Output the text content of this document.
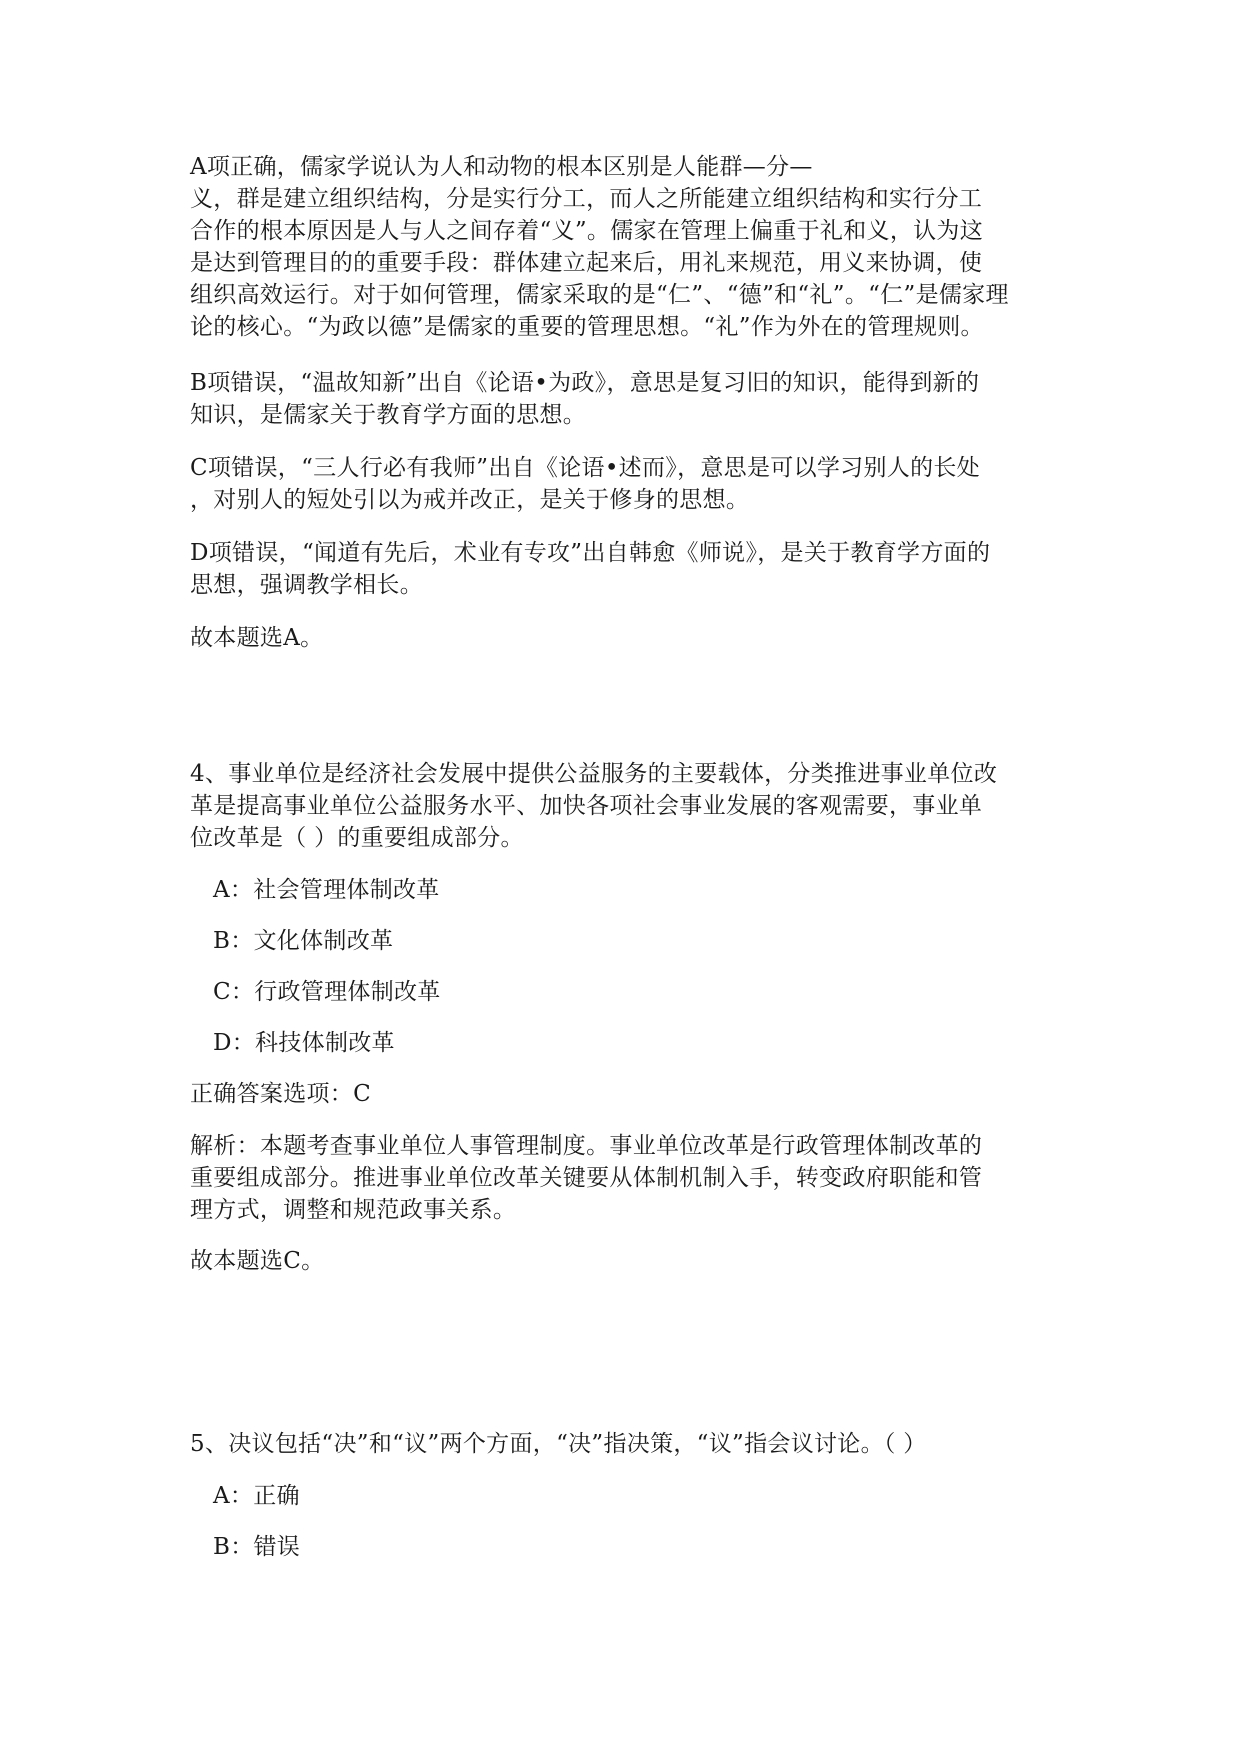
A项正确，儒家学说认为人和动物的根本区别是人能群—分—
义，群是建立组织结构，分是实行分工，而人之所能建立组织结构和实行分工
合作的根本原因是人与人之间存着“义”。儒家在管理上偏重于礼和义，认为这
是达到管理目的的重要手段：群体建立起来后，用礼来规范，用义来协调，使
组织高效运行。对于如何管理，儒家采取的是“仁”、“德”和“礼”。“仁”是儒家理
论的核心。“为政以德”是儒家的重要的管理思想。“礼”作为外在的管理规则。

B项错误，“温故知新”出自《论语•为政》，意思是复习旧的知识，能得到新的
知识，是儒家关于教育学方面的思想。

C项错误，“三人行必有我师”出自《论语•述而》，意思是可以学习别人的长处
，对别人的短处引以为戒并改正，是关于修身的思想。

D项错误，“闻道有先后，术业有专攻”出自韩愈《师说》，是关于教育学方面的
思想，强调教学相长。

故本题选A。

4、事业单位是经济社会发展中提供公益服务的主要载体，分类推进事业单位改
革是提高事业单位公益服务水平、加快各项社会事业发展的客观需要，事业单
位改革是（ ）的重要组成部分。

A：社会管理体制改革

B：文化体制改革

C：行政管理体制改革

D：科技体制改革

正确答案选项：C

解析：本题考查事业单位人事管理制度。事业单位改革是行政管理体制改革的
重要组成部分。推进事业单位改革关键要从体制机制入手，转变政府职能和管
理方式，调整和规范政事关系。

故本题选C。

5、决议包括“决”和“议”两个方面，“决”指决策，“议”指会议讨论。（ ）

A：正确

B：错误
